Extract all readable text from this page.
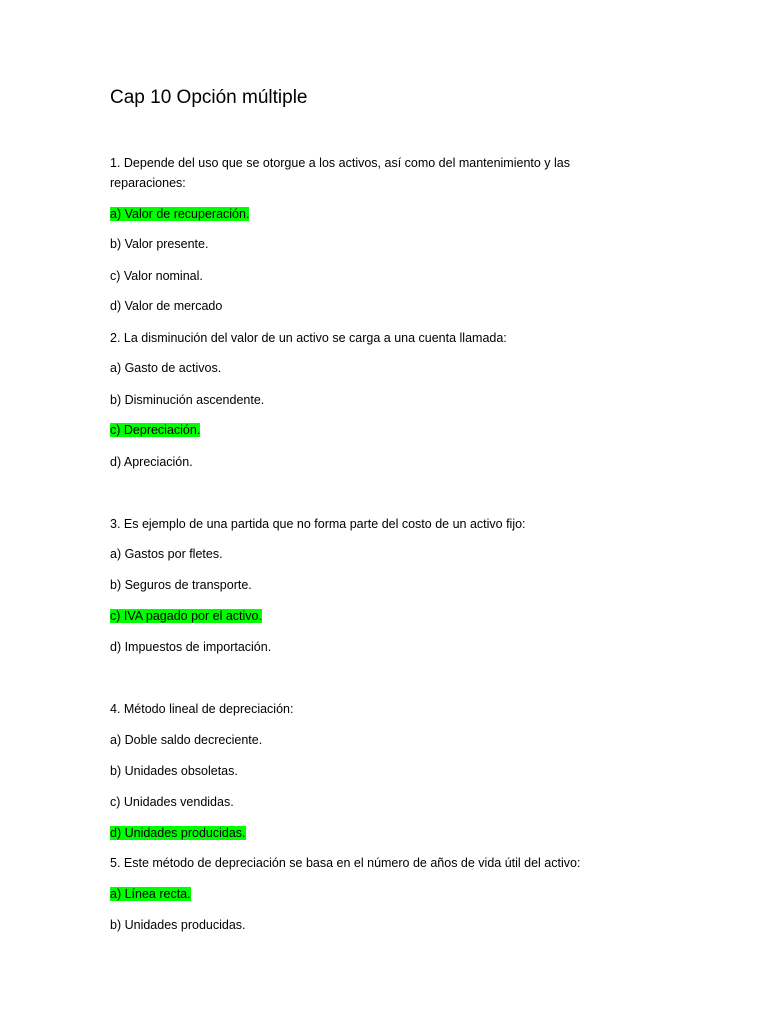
Cap 10 Opción múltiple
1. Depende del uso que se otorgue a los activos, así como del mantenimiento y las reparaciones:
a) Valor de recuperación.
b) Valor presente.
c) Valor nominal.
d) Valor de mercado
2. La disminución del valor de un activo se carga a una cuenta llamada:
a) Gasto de activos.
b) Disminución ascendente.
c) Depreciación.
d) Apreciación.
3. Es ejemplo de una partida que no forma parte del costo de un activo fijo:
a) Gastos por fletes.
b) Seguros de transporte.
c) IVA pagado por el activo.
d) Impuestos de importación.
4. Método lineal de depreciación:
a) Doble saldo decreciente.
b) Unidades obsoletas.
c) Unidades vendidas.
d) Unidades producidas.
5. Este método de depreciación se basa en el número de años de vida útil del activo:
a) Línea recta.
b) Unidades producidas.
